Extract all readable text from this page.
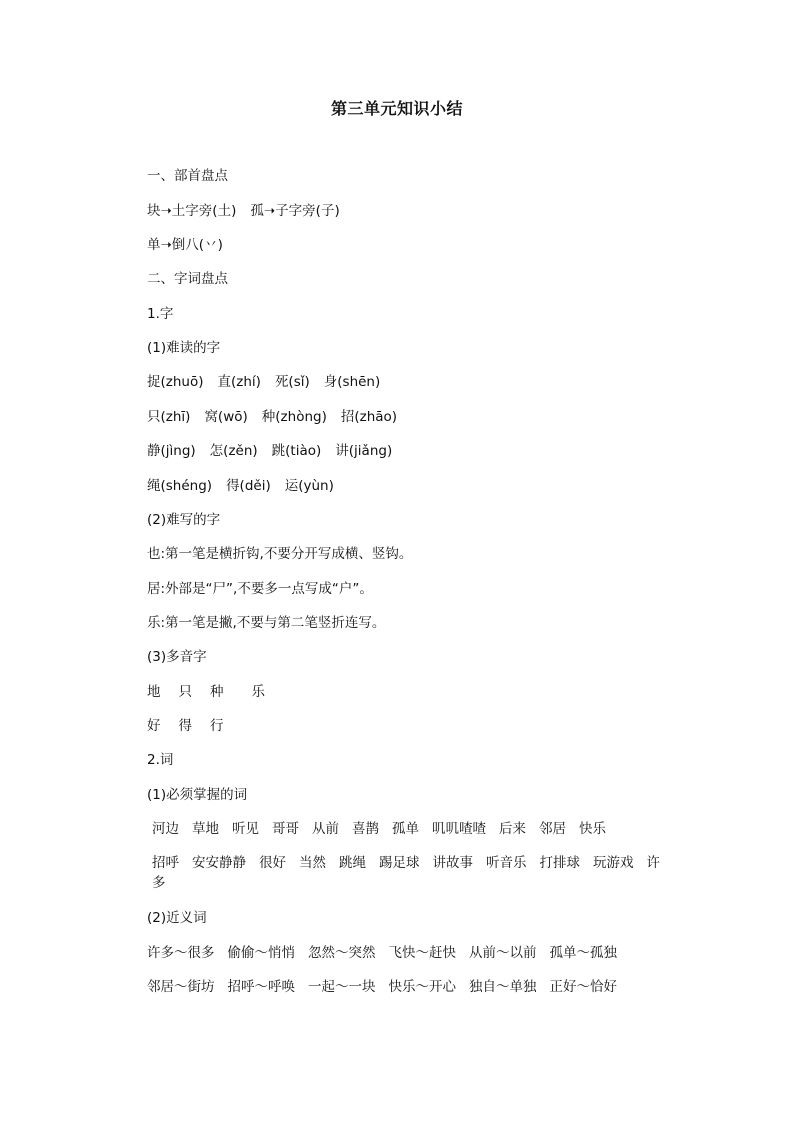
第三单元知识小结
一、部首盘点
块➝土字旁(土) 孤➝子字旁(子)
单➝倒八(丷)
二、字词盘点
1.字
(1)难读的字
捉(zhuō) 直(zhí) 死(sǐ) 身(shēn)
只(zhī) 窝(wō) 种(zhòng) 招(zhāo)
静(jìng) 怎(zěn) 跳(tiào) 讲(jiǎng)
绳(shéng) 得(děi) 运(yùn)
(2)难写的字
也:第一笔是横折钩,不要分开写成横、竖钩。
居:外部是“尸”,不要多一点写成“户”。
乐:第一笔是撇,不要与第二笔竖折连写。
(3)多音字
地 只 种 乐
好 得 行
2.词
(1)必须掌握的词
河边 草地 听见 哥哥 从前 喜鹊 孤单 叽叽喳喳 后来 邻居 快乐
招呼 安安静静 很好 当然 跳绳 踢足球 讲故事 听音乐 打排球 玩游戏 许多
(2)近义词
许多～很多 偷偷～悄悄 忽然～突然 飞快～赶快 从前～以前 孤单～孤独
邻居～街坊 招呼～呼唤 一起～一块 快乐～开心 独自～单独 正好～恰好
